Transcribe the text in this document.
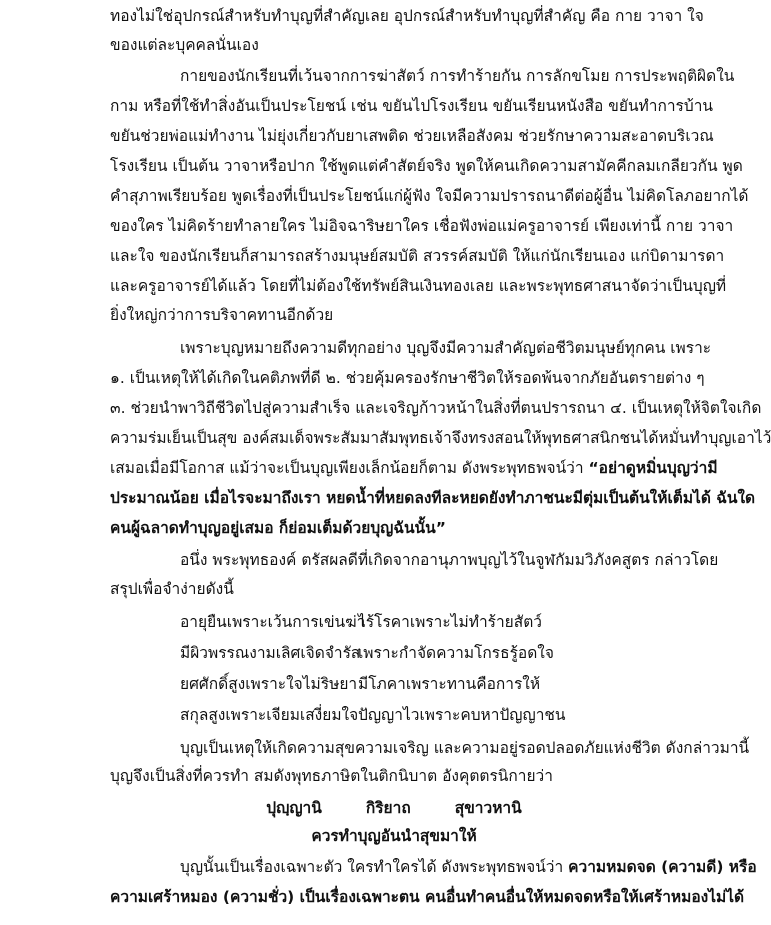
ทองไม่ใช่อุปกรณ์สำหรับทำบุญที่สำคัญเลย อุปกรณ์สำหรับทำบุญที่สำคัญ คือ กาย วาจา ใจ
ของแต่ละบุคคลนั่นเอง
กายของนักเรียนที่เว้นจากการฆ่าสัตว์ การทำร้ายกัน การลักขโมย การประพฤติผิดใน
กาม หรือที่ใช้ทำสิ่งอันเป็นประโยชน์ เช่น ขยันไปโรงเรียน ขยันเรียนหนังสือ ขยันทำการบ้าน
ขยันช่วยพ่อแม่ทำงาน ไม่ยุ่งเกี่ยวกับยาเสพติด ช่วยเหลือสังคม ช่วยรักษาความสะอาดบริเวณ
โรงเรียน เป็นต้น วาจาหรือปาก ใช้พูดแต่คำสัตย์จริง พูดให้คนเกิดความสามัคคีกลมเกลียวกัน พูด
คำสุภาพเรียบร้อย พูดเรื่องที่เป็นประโยชน์แก่ผู้ฟัง ใจมีความปรารถนาดีต่อผู้อื่น ไม่คิดโลภอยากได้
ของใคร ไม่คิดร้ายทำลายใคร ไม่อิจฉาริษยาใคร เชื่อฟังพ่อแม่ครูอาจารย์ เพียงเท่านี้ กาย วาจา
และใจ ของนักเรียนก็สามารถสร้างมนุษย์สมบัติ สวรรค์สมบัติ ให้แก่นักเรียนเอง แก่บิดามารดา
และครูอาจารย์ได้แล้ว โดยที่ไม่ต้องใช้ทรัพย์สินเงินทองเลย และพระพุทธศาสนาจัดว่าเป็นบุญที่
ยิ่งใหญ่กว่าการบริจาคทานอีกด้วย
เพราะบุญหมายถึงความดีทุกอย่าง บุญจึงมีความสำคัญต่อชีวิตมนุษย์ทุกคน เพราะ
๑. เป็นเหตุให้ได้เกิดในคติภพที่ดี ๒. ช่วยคุ้มครองรักษาชีวิตให้รอดพ้นจากภัยอันตรายต่าง ๆ
๓. ช่วยนำพาวิถีชีวิตไปสู่ความสำเร็จ และเจริญก้าวหน้าในสิ่งที่ตนปรารถนา ๔. เป็นเหตุให้จิตใจเกิด
ความร่มเย็นเป็นสุข องค์สมเด็จพระสัมมาสัมพุทธเจ้าจึงทรงสอนให้พุทธศาสนิกชนได้หมั่นทำบุญเอาไว้
เสมอเมื่อมีโอกาส แม้ว่าจะเป็นบุญเพียงเล็กน้อยก็ตาม ดังพระพุทธพจน์ว่า “อย่าดูหมิ่นบุญว่ามี
ประมาณน้อย เมื่อไรจะมาถึงเรา หยดน้ำที่หยดลงทีละหยดยังทำภาชนะมีตุ่มเป็นต้นให้เต็มได้ ฉันใด
คนผู้ฉลาดทำบุญอยู่เสมอ ก็ย่อมเต็มด้วยบุญฉันนั้น”
อนึ่ง พระพุทธองค์ ตรัสผลดีที่เกิดจากอานุภาพบุญไว้ในจูฬกัมมวิภังคสูตร กล่าวโดย
สรุปเพื่อจำง่ายดังนี้
อายุยืนเพราะเว้นการเข่นฆ่า
ไร้โรคาเพราะไม่ทำร้ายสัตว์
มีผิวพรรณงามเลิศเจิดจำรัส
เพราะกำจัดความโกรธรู้อดใจ
ยศศักดิ์สูงเพราะใจไม่ริษยา มีโภคาเพราะทานคือการให้
สกุลสูงเพราะเจียมเสงี่ยมใจ ปัญญาไวเพราะคบหาปัญญาชน
บุญเป็นเหตุให้เกิดความสุขความเจริญ และความอยู่รอดปลอดภัยแห่งชีวิต ดังกล่าวมานี้
บุญจึงเป็นสิ่งที่ควรทำ สมดังพุทธภาษิตในติกนิบาต อังคุตตรนิกายว่า
ปุญฺญานิ	กิริยาถ	สุขาวหานิ
ควรทำบุญอันนำสุขมาให้
บุญนั้นเป็นเรื่องเฉพาะตัว ใครทำใครได้ ดังพระพุทธพจน์ว่า ความหมดจด (ความดี) หรือ
ความเศร้าหมอง (ความชั่ว) เป็นเรื่องเฉพาะตน คนอื่นทำคนอื่นให้หมดจดหรือให้เศร้าหมองไม่ได้
